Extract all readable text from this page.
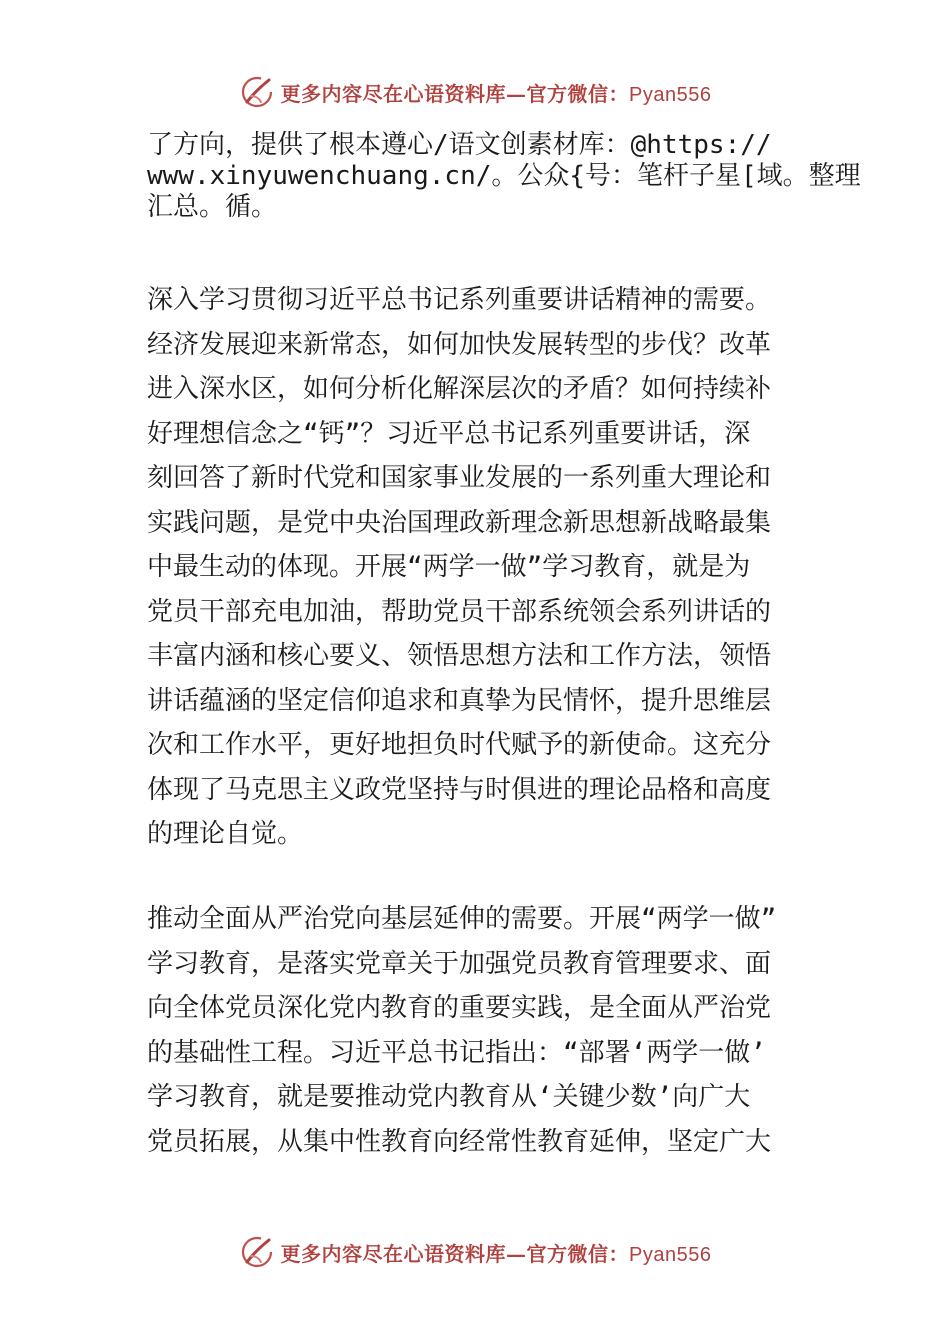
更多内容尽在心语资料库—官方微信：Pyan556
了方向，提供了根本遵心/语文创素材库：@https://
www.xinyuwenchuang.cn/。公众{号：笔杆子星[域。整理
汇总。循。
深入学习贯彻习近平总书记系列重要讲话精神的需要。
经济发展迎来新常态，如何加快发展转型的步伐？改革
进入深水区，如何分析化解深层次的矛盾？如何持续补
好理想信念之“钙”？习近平总书记系列重要讲话，深
刻回答了新时代党和国家事业发展的一系列重大理论和
实践问题，是党中央治国理政新理念新思想新战略最集
中最生动的体现。开展“两学一做”学习教育，就是为
党员干部充电加油，帮助党员干部系统领会系列讲话的
丰富内涵和核心要义、领悟思想方法和工作方法，领悟
讲话蕴涵的坚定信仰追求和真挚为民情怀，提升思维层
次和工作水平，更好地担负时代赋予的新使命。这充分
体现了马克思主义政党坚持与时俱进的理论品格和高度
的理论自觉。
推动全面从严治党向基层延伸的需要。开展“两学一做”
学习教育，是落实党章关于加强党员教育管理要求、面
向全体党员深化党内教育的重要实践，是全面从严治党
的基础性工程。习近平总书记指出：“部署‘两学一做’
学习教育，就是要推动党内教育从‘关键少数’向广大
党员拓展，从集中性教育向经常性教育延伸，坚定广大
更多内容尽在心语资料库—官方微信：Pyan556
